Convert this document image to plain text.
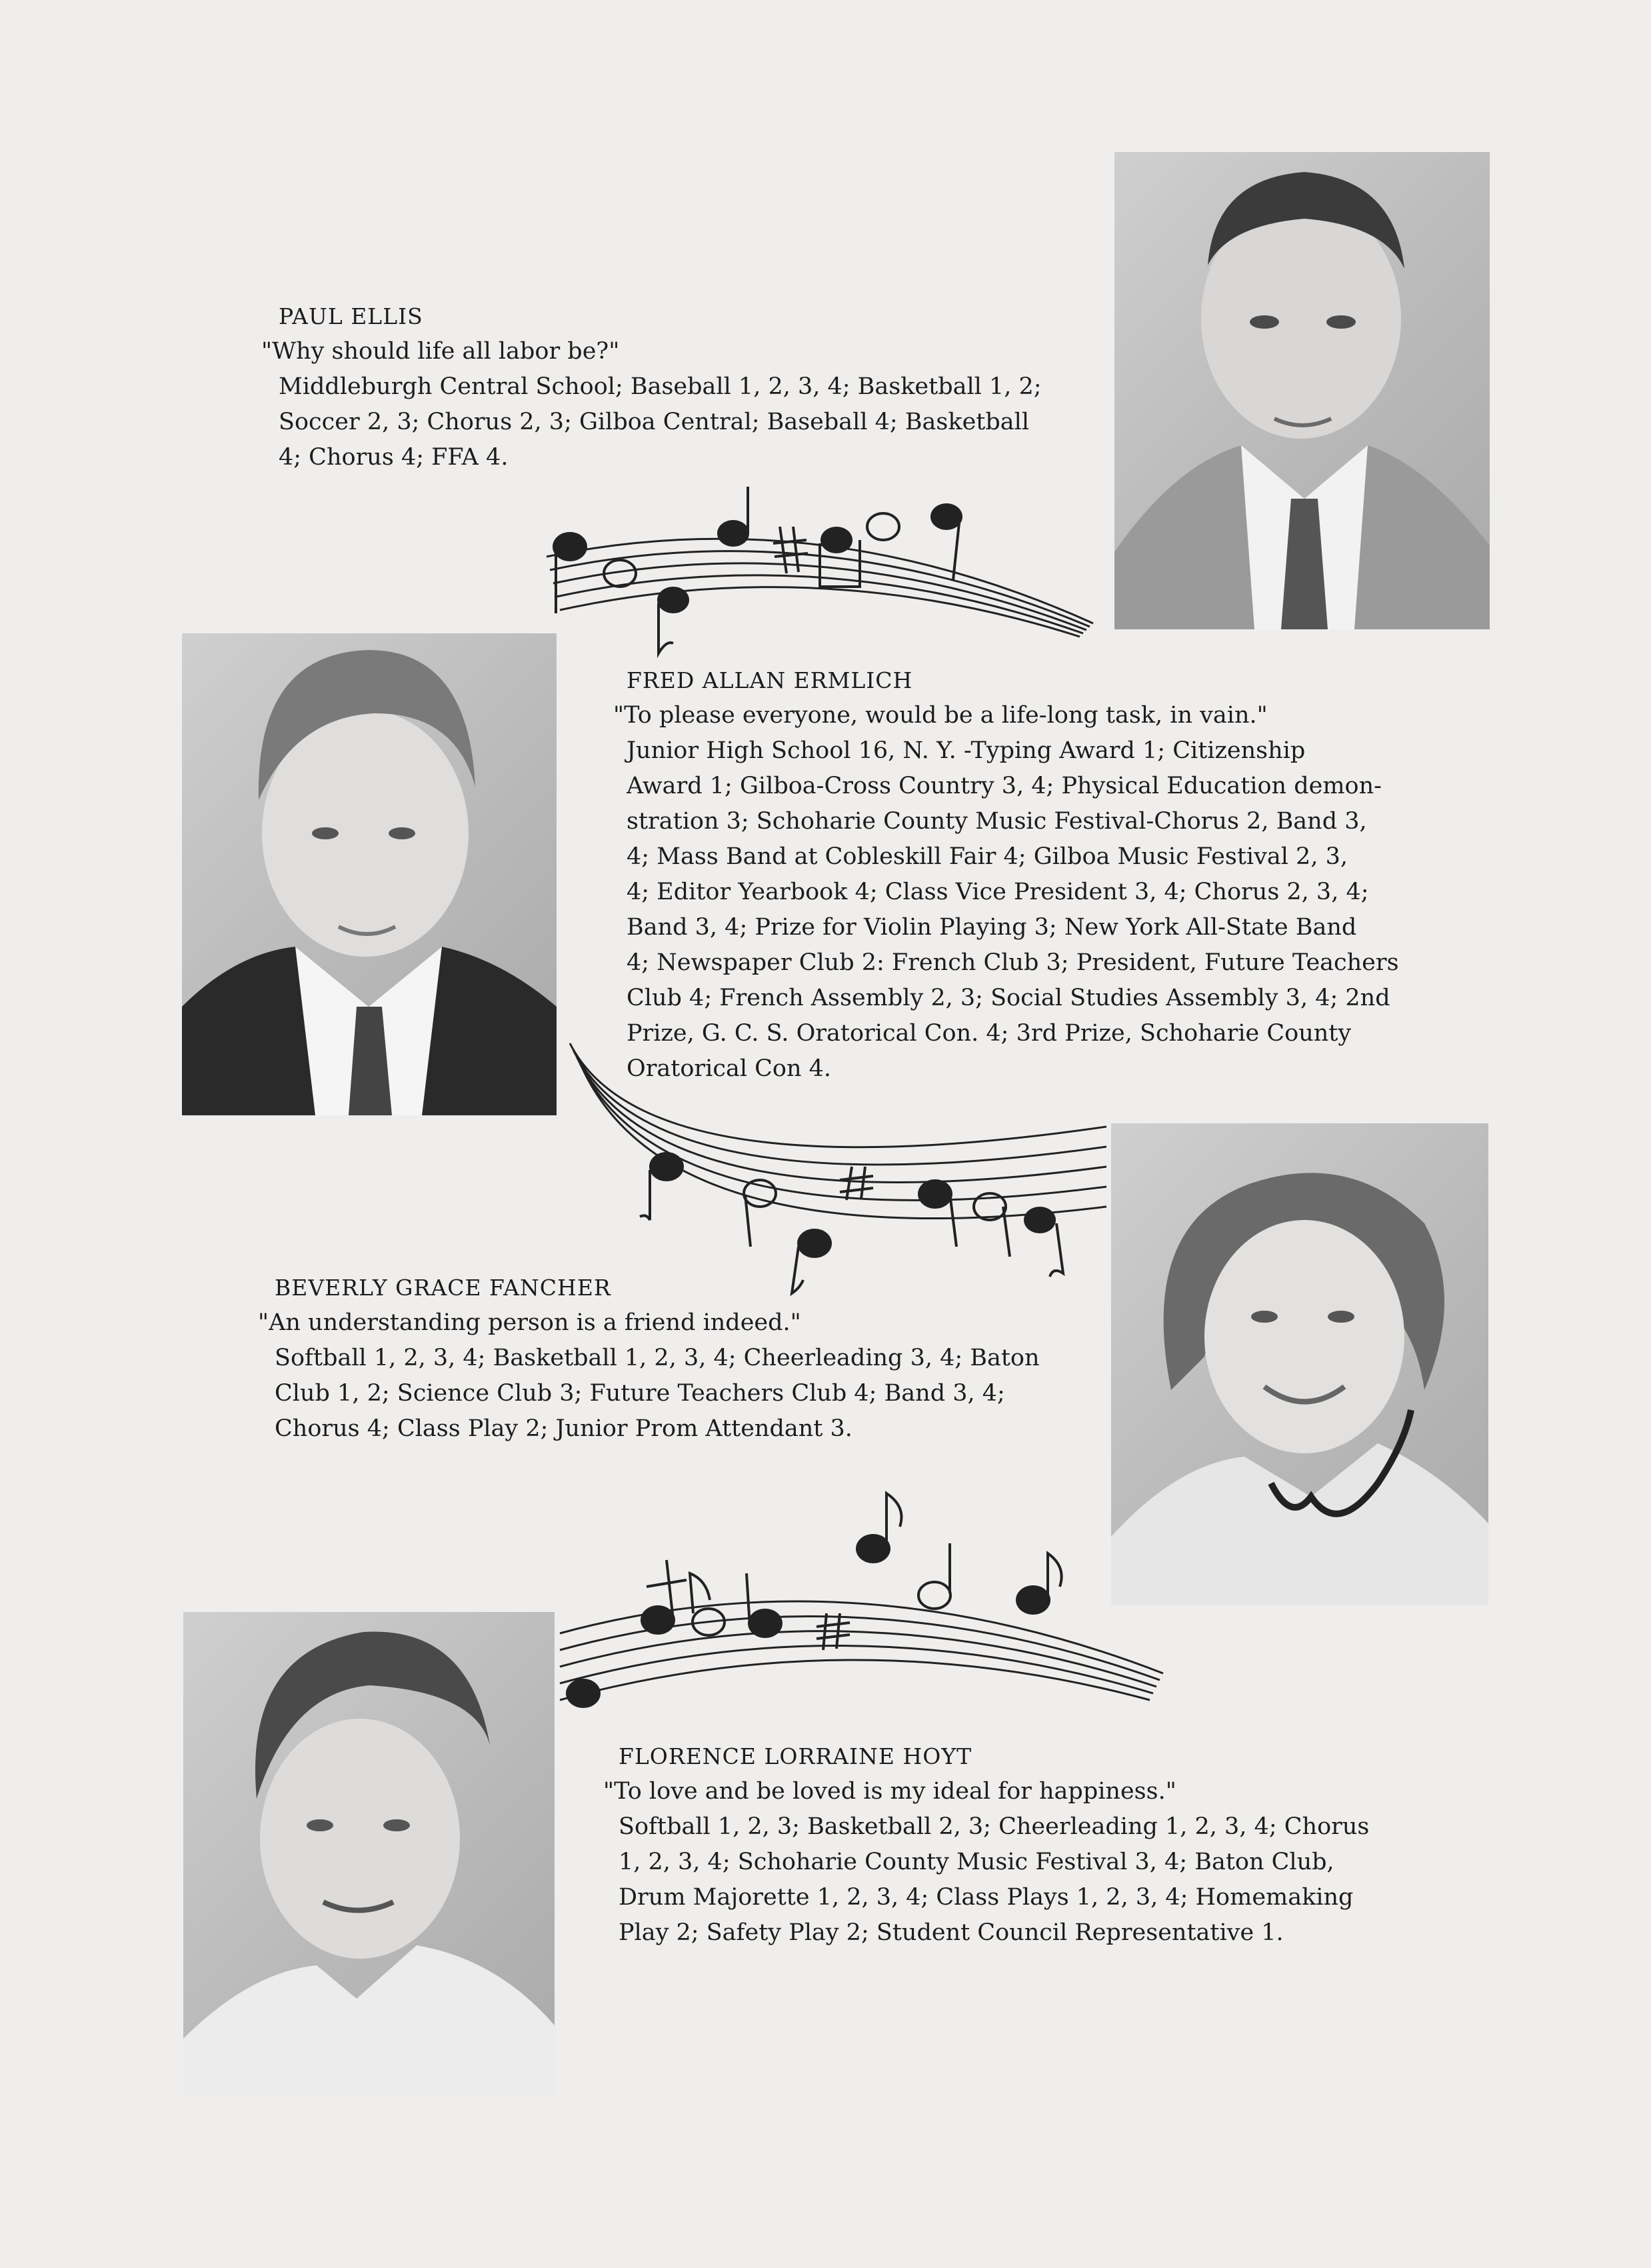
PAUL ELLIS

"Why should life all labor be?"

Middleburgh Central School; Baseball 1, 2, 3, 4; Basketball 1, 2;

Soccer 2, 3; Chorus 2, 3; Gilboa Central; Baseball 4; Basketball

4; Chorus 4; FFA 4.

FRED ALLAN ERMLICH

"To please everyone, would be a life-long task, in vain."

Junior High School 16, N. Y. -Typing Award 1; Citizenship

Award 1; Gilboa-Cross Country 3, 4; Physical Education demon-

stration 3; Schoharie County Music Festival-Chorus 2, Band 3,

4; Mass Band at Cobleskill Fair 4; Gilboa Music Festival 2, 3,

4; Editor Yearbook 4; Class Vice President 3, 4; Chorus 2, 3, 4;

Band 3, 4; Prize for Violin Playing 3; New York All-State Band

4; Newspaper Club 2: French Club 3; President, Future Teachers

Club 4; French Assembly 2, 3; Social Studies Assembly 3, 4; 2nd

Prize, G. C. S. Oratorical Con. 4; 3rd Prize, Schoharie County

Oratorical Con 4.

BEVERLY GRACE FANCHER

"An understanding person is a friend indeed."

Softball 1, 2, 3, 4; Basketball 1, 2, 3, 4; Cheerleading 3, 4; Baton

Club 1, 2; Science Club 3; Future Teachers Club 4; Band 3, 4;

Chorus 4; Class Play 2; Junior Prom Attendant 3.

FLORENCE LORRAINE HOYT

"To love and be loved is my ideal for happiness."

Softball 1, 2, 3; Basketball 2, 3; Cheerleading 1, 2, 3, 4; Chorus

1, 2, 3, 4; Schoharie County Music Festival 3, 4; Baton Club,

Drum Majorette 1, 2, 3, 4; Class Plays 1, 2, 3, 4; Homemaking

Play 2; Safety Play 2; Student Council Representative 1.
